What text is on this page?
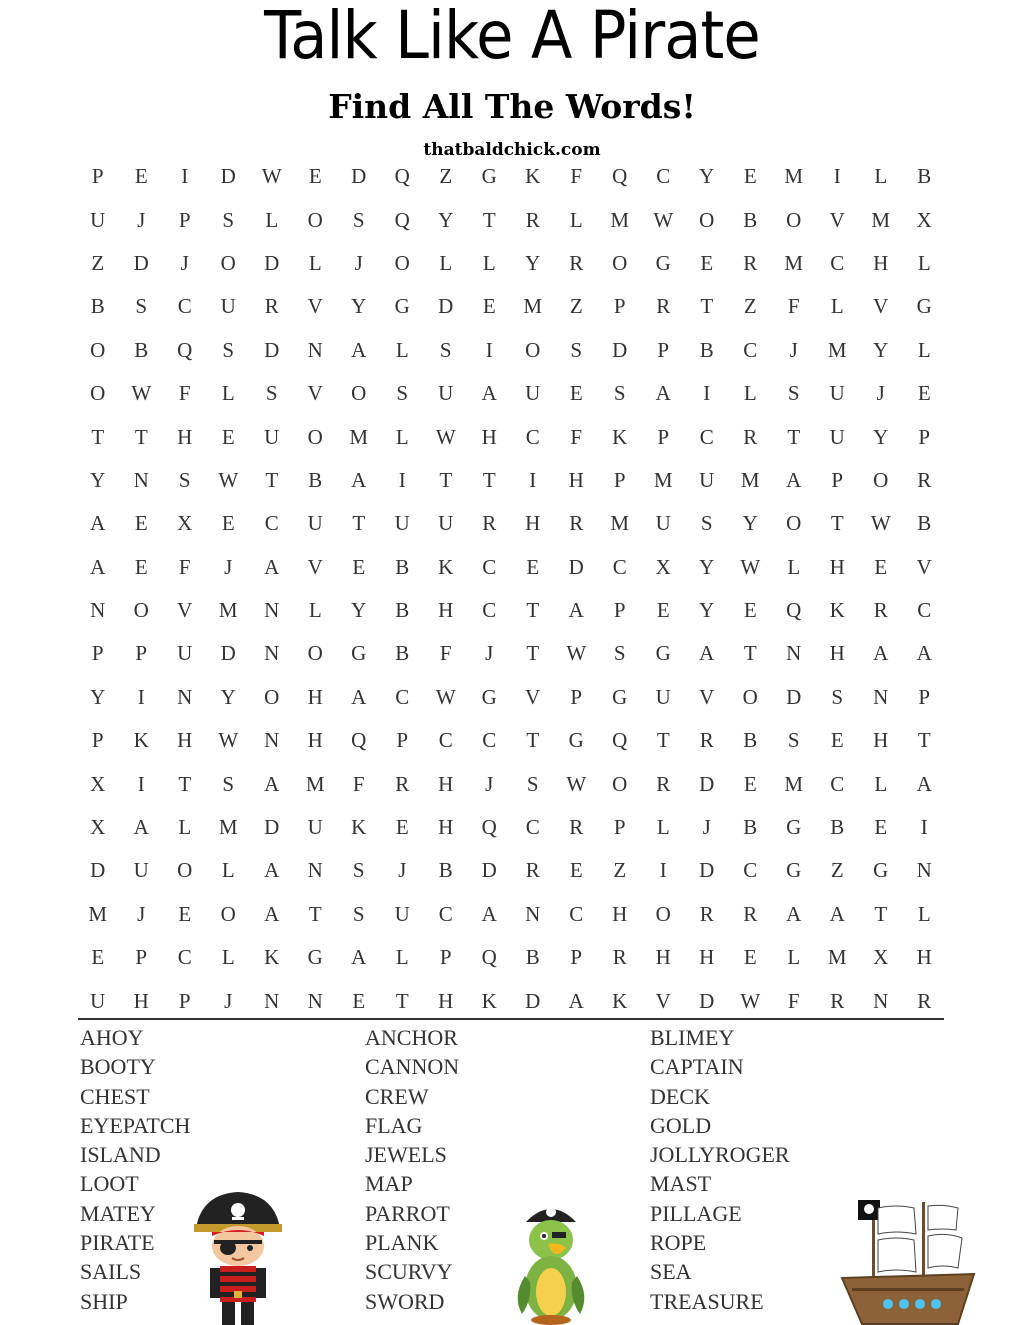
Talk Like A Pirate
Find All The Words!
thatbaldchick.com
P	E	I	D	W	E	D	Q	Z	G	K	F	Q	C	Y	E	M	I	L	B
U	J	P	S	L	O	S	Q	Y	T	R	L	M	W	O	B	O	V	M	X
Z	D	J	O	D	L	J	O	L	L	Y	R	O	G	E	R	M	C	H	L
B	S	C	U	R	V	Y	G	D	E	M	Z	P	R	T	Z	F	L	V	G
O	B	Q	S	D	N	A	L	S	I	O	S	D	P	B	C	J	M	Y	L
O	W	F	L	S	V	O	S	U	A	U	E	S	A	I	L	S	U	J	E
T	T	H	E	U	O	M	L	W	H	C	F	K	P	C	R	T	U	Y	P
Y	N	S	W	T	B	A	I	T	T	I	H	P	M	U	M	A	P	O	R
A	E	X	E	C	U	T	U	U	R	H	R	M	U	S	Y	O	T	W	B
A	E	F	J	A	V	E	B	K	C	E	D	C	X	Y	W	L	H	E	V
N	O	V	M	N	L	Y	B	H	C	T	A	P	E	Y	E	Q	K	R	C
P	P	U	D	N	O	G	B	F	J	T	W	S	G	A	T	N	H	A	A
Y	I	N	Y	O	H	A	C	W	G	V	P	G	U	V	O	D	S	N	P
P	K	H	W	N	H	Q	P	C	C	T	G	Q	T	R	B	S	E	H	T
X	I	T	S	A	M	F	R	H	J	S	W	O	R	D	E	M	C	L	A
X	A	L	M	D	U	K	E	H	Q	C	R	P	L	J	B	G	B	E	I
D	U	O	L	A	N	S	J	B	D	R	E	Z	I	D	C	G	Z	G	N
M	J	E	O	A	T	S	U	C	A	N	C	H	O	R	R	A	A	T	L
E	P	C	L	K	G	A	L	P	Q	B	P	R	H	H	E	L	M	X	H
U	H	P	J	N	N	E	T	H	K	D	A	K	V	D	W	F	R	N	R
AHOY
BOOTY
CHEST
EYEPATCH
ISLAND
LOOT
MATEY
PIRATE
SAILS
SHIP
ANCHOR
CANNON
CREW
FLAG
JEWELS
MAP
PARROT
PLANK
SCURVY
SWORD
BLIMEY
CAPTAIN
DECK
GOLD
JOLLYROGER
MAST
PILLAGE
ROPE
SEA
TREASURE
